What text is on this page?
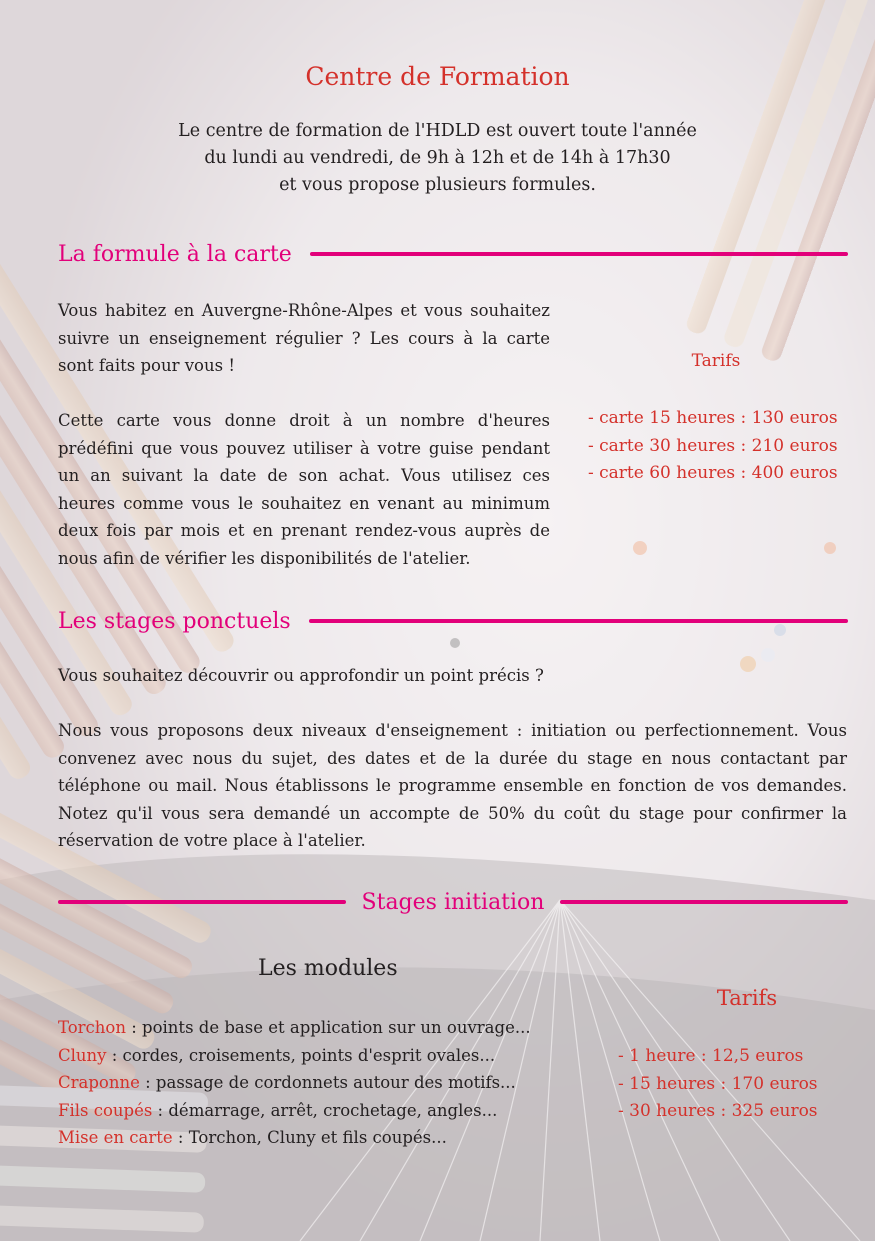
Centre de Formation
Le centre de formation de l'HDLD est ouvert toute l'année
du lundi au vendredi, de 9h à 12h et de 14h à 17h30
et vous propose plusieurs formules.
La formule à la carte

Vous habitez en Auvergne-Rhône-Alpes et vous souhaitez suivre un enseignement régulier ? Les cours à la carte sont faits pour vous !

Cette carte vous donne droit à un nombre d'heures prédéfini que vous pouvez utiliser à votre guise pendant un an suivant la date de son achat. Vous utilisez ces heures comme vous le souhaitez en venant au minimum deux fois par mois et en prenant rendez-vous auprès de nous afin de vérifier les disponibilités de l'atelier.

Tarifs
- carte 15 heures : 130 euros
- carte 30 heures : 210 euros
- carte 60 heures : 400 euros
Les stages ponctuels

Vous souhaitez découvrir ou approfondir un point précis ?

Nous vous proposons deux niveaux d'enseignement : initiation ou perfectionnement. Vous convenez avec nous du sujet, des dates et de la durée du stage en nous contactant par téléphone ou mail. Nous établissons le programme ensemble en fonction de vos demandes. Notez qu'il vous sera demandé un accompte de 50% du coût du stage pour confirmer la réservation de votre place à l'atelier.

Stages initiation
Les modules
Torchon : points de base et application sur un ouvrage...
Cluny : cordes, croisements, points d'esprit ovales...
Craponne : passage de cordonnets autour des motifs...
Fils coupés : démarrage, arrêt, crochetage, angles...
Mise en carte : Torchon, Cluny et fils coupés...
Tarifs
- 1 heure : 12,5 euros
- 15 heures : 170 euros
- 30 heures : 325 euros
